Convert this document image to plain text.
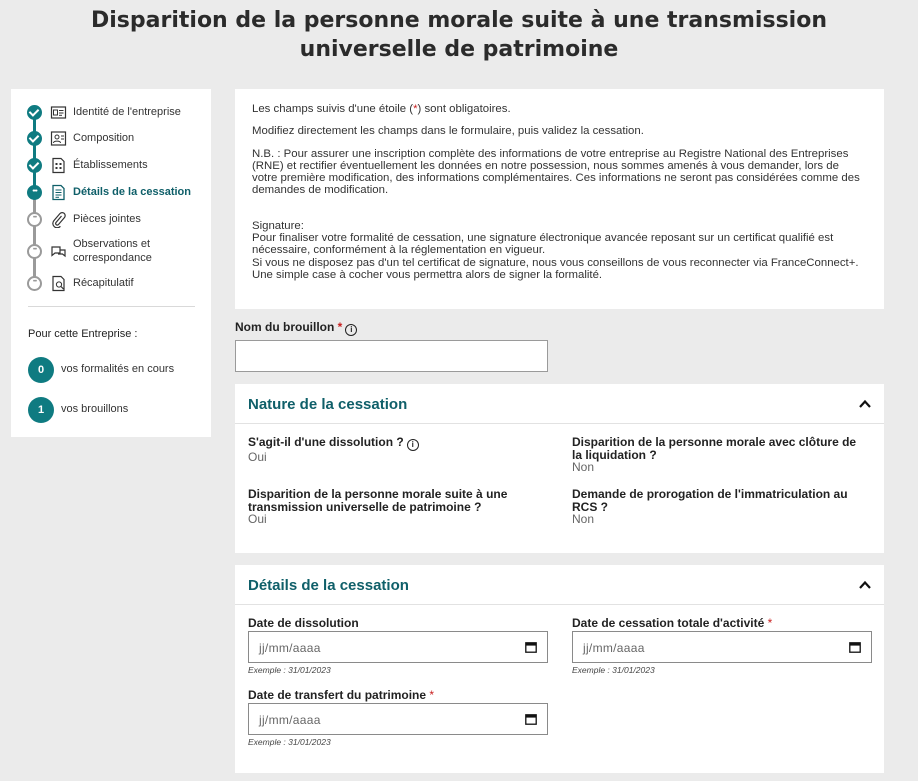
Disparition de la personne morale suite à une transmission universelle de patrimoine
Identité de l'entreprise
Composition
Établissements
•••
Détails de la cessation
•••
Pièces jointes
•••
Observations et correspondance
•••
Récapitulatif
Pour cette Entreprise :
0	vos formalités en cours
1	vos brouillons

Les champs suivis d'une étoile (*) sont obligatoires.

Modifiez directement les champs dans le formulaire, puis validez la cessation.

N.B. : Pour assurer une inscription complète des informations de votre entreprise au Registre National des Entreprises (RNE) et rectifier éventuellement les données en notre possession, nous sommes amenés à vous demander, lors de votre première modification, des informations complémentaires. Ces informations ne seront pas considérées comme des demandes de modification.

Signature:
Pour finaliser votre formalité de cessation, une signature électronique avancée reposant sur un certificat qualifié est nécessaire, conformément à la réglementation en vigueur.
Si vous ne disposez pas d'un tel certificat de signature, nous vous conseillons de vous reconnecter via FranceConnect+. Une simple case à cocher vous permettra alors de signer la formalité.
Nom du brouillon * i
Nature de la cessation
S'agit-il d'une dissolution ? i
Oui
Disparition de la personne morale avec clôture de la liquidation ?
Non
Disparition de la personne morale suite à une transmission universelle de patrimoine ?
Oui
Demande de prorogation de l'immatriculation au RCS ?
Non
Détails de la cessation
Date de dissolution
jj/mm/aaaa
Exemple : 31/01/2023
Date de cessation totale d'activité *
jj/mm/aaaa
Exemple : 31/01/2023
Date de transfert du patrimoine *
jj/mm/aaaa
Exemple : 31/01/2023
